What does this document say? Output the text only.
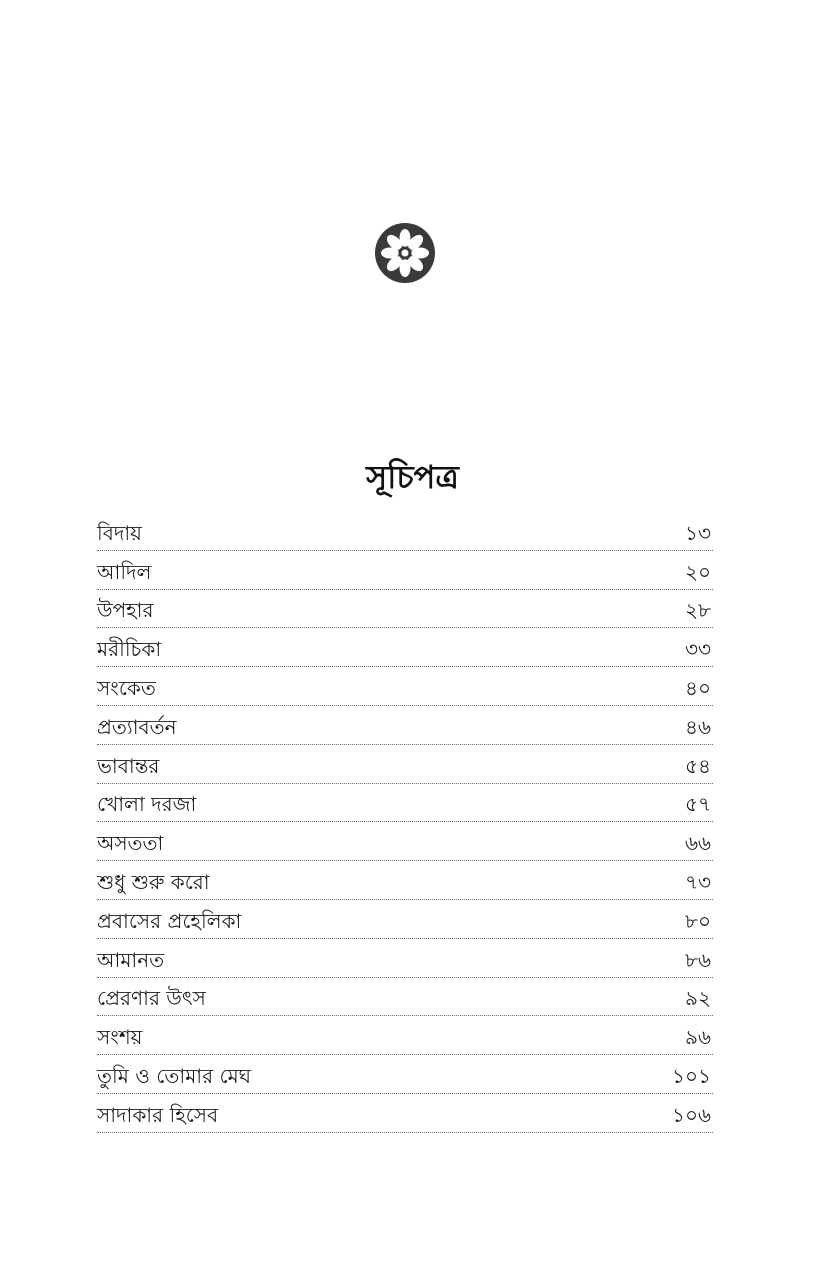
সূচিপত্র
বিদায়	১৩
আদিল	২০
উপহার	২৮
মরীচিকা	৩৩
সংকেত	৪০
প্রত্যাবর্তন	৪৬
ভাবান্তর	৫৪
খোলা দরজা	৫৭
অসততা	৬৬
শুধু শুরু করো	৭৩
প্রবাসের প্রহেলিকা	৮০
আমানত	৮৬
প্রেরণার উৎস	৯২
সংশয়	৯৬
তুমি ও তোমার মেঘ	১০১
সাদাকার হিসেব	১০৬
